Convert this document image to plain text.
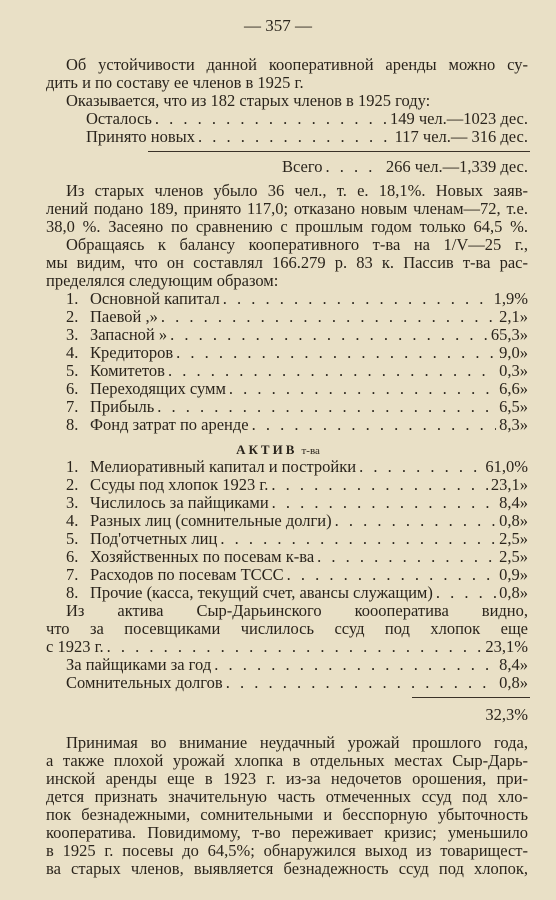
— 357 —
Об устойчивости данной кооперативной аренды можно су-
дить и по составу ее членов в 1925 г.
Оказывается, что из 182 старых членов в 1925 году:
Осталось . . .	149 чел.—1023 дес.
Принято новых . . .	117 чел.— 316 дес.
Всего . . .	266 чел.—1,339 дес.
Из старых членов убыло 36 чел., т. е. 18,1%. Новых заяв-
лений подано 189, принято 117,0; отказано новым членам—72, т.е.
38,0 %. Засеяно по сравнению с прошлым годом только 64,5 %.
Обращаясь к балансу кооперативного т-ва на 1/V—25 г.,
мы видим, что он составлял 166.279 р. 83 к. Пассив т-ва рас-
пределялся следующим образом:
1. Основной капитал . . .	1,9%
2. Паевой ,» . . .	2,1»
3. Запасной » . . .	65,3»
4. Кредиторов . . .	9,0»
5. Комитетов . . .	0,3»
6. Переходящих сумм . . .	6,6»
7. Прибыль . . .	6,5»
8. Фонд затрат по аренде . . .	8,3»
АКТИВ т-ва
1. Мелиоративный капитал и постройки . . .	61,0%
2. Ссуды под хлопок 1923 г. . . .	23,1»
3. Числилось за пайщиками . . .	8,4»
4. Разных лиц (сомнительные долги) . . .	0,8»
5. Под'отчетных лиц . . .	2,5»
6. Хозяйственных по посевам к-ва . . .	2,5»
7. Расходов по посевам ТССС . . .	0,9»
8. Прочие (касса, текущий счет, авансы служащим) . . .	0,8»
Из актива Сыр-Дарьинского коооператива видно,
что за посевщиками числилось ссуд под хлопок еще
с 1923 г. . . .	23,1%
За пайщиками за год . . .	8,4»
Сомнительных долгов . . .	0,8»
32,3%
Принимая во внимание неудачный урожай прошлого года,
а также плохой урожай хлопка в отдельных местах Сыр-Дарь-
инской аренды еще в 1923 г. из-за недочетов орошения, при-
дется признать значительную часть отмеченных ссуд под хло-
пок безнадежными, сомнительными и бесспорную убыточность
кооператива. Повидимому, т-во переживает кризис; уменьшило
в 1925 г. посевы до 64,5%; обнаружился выход из товарищест-
ва старых членов, выявляется безнадежность ссуд под хлопок,
